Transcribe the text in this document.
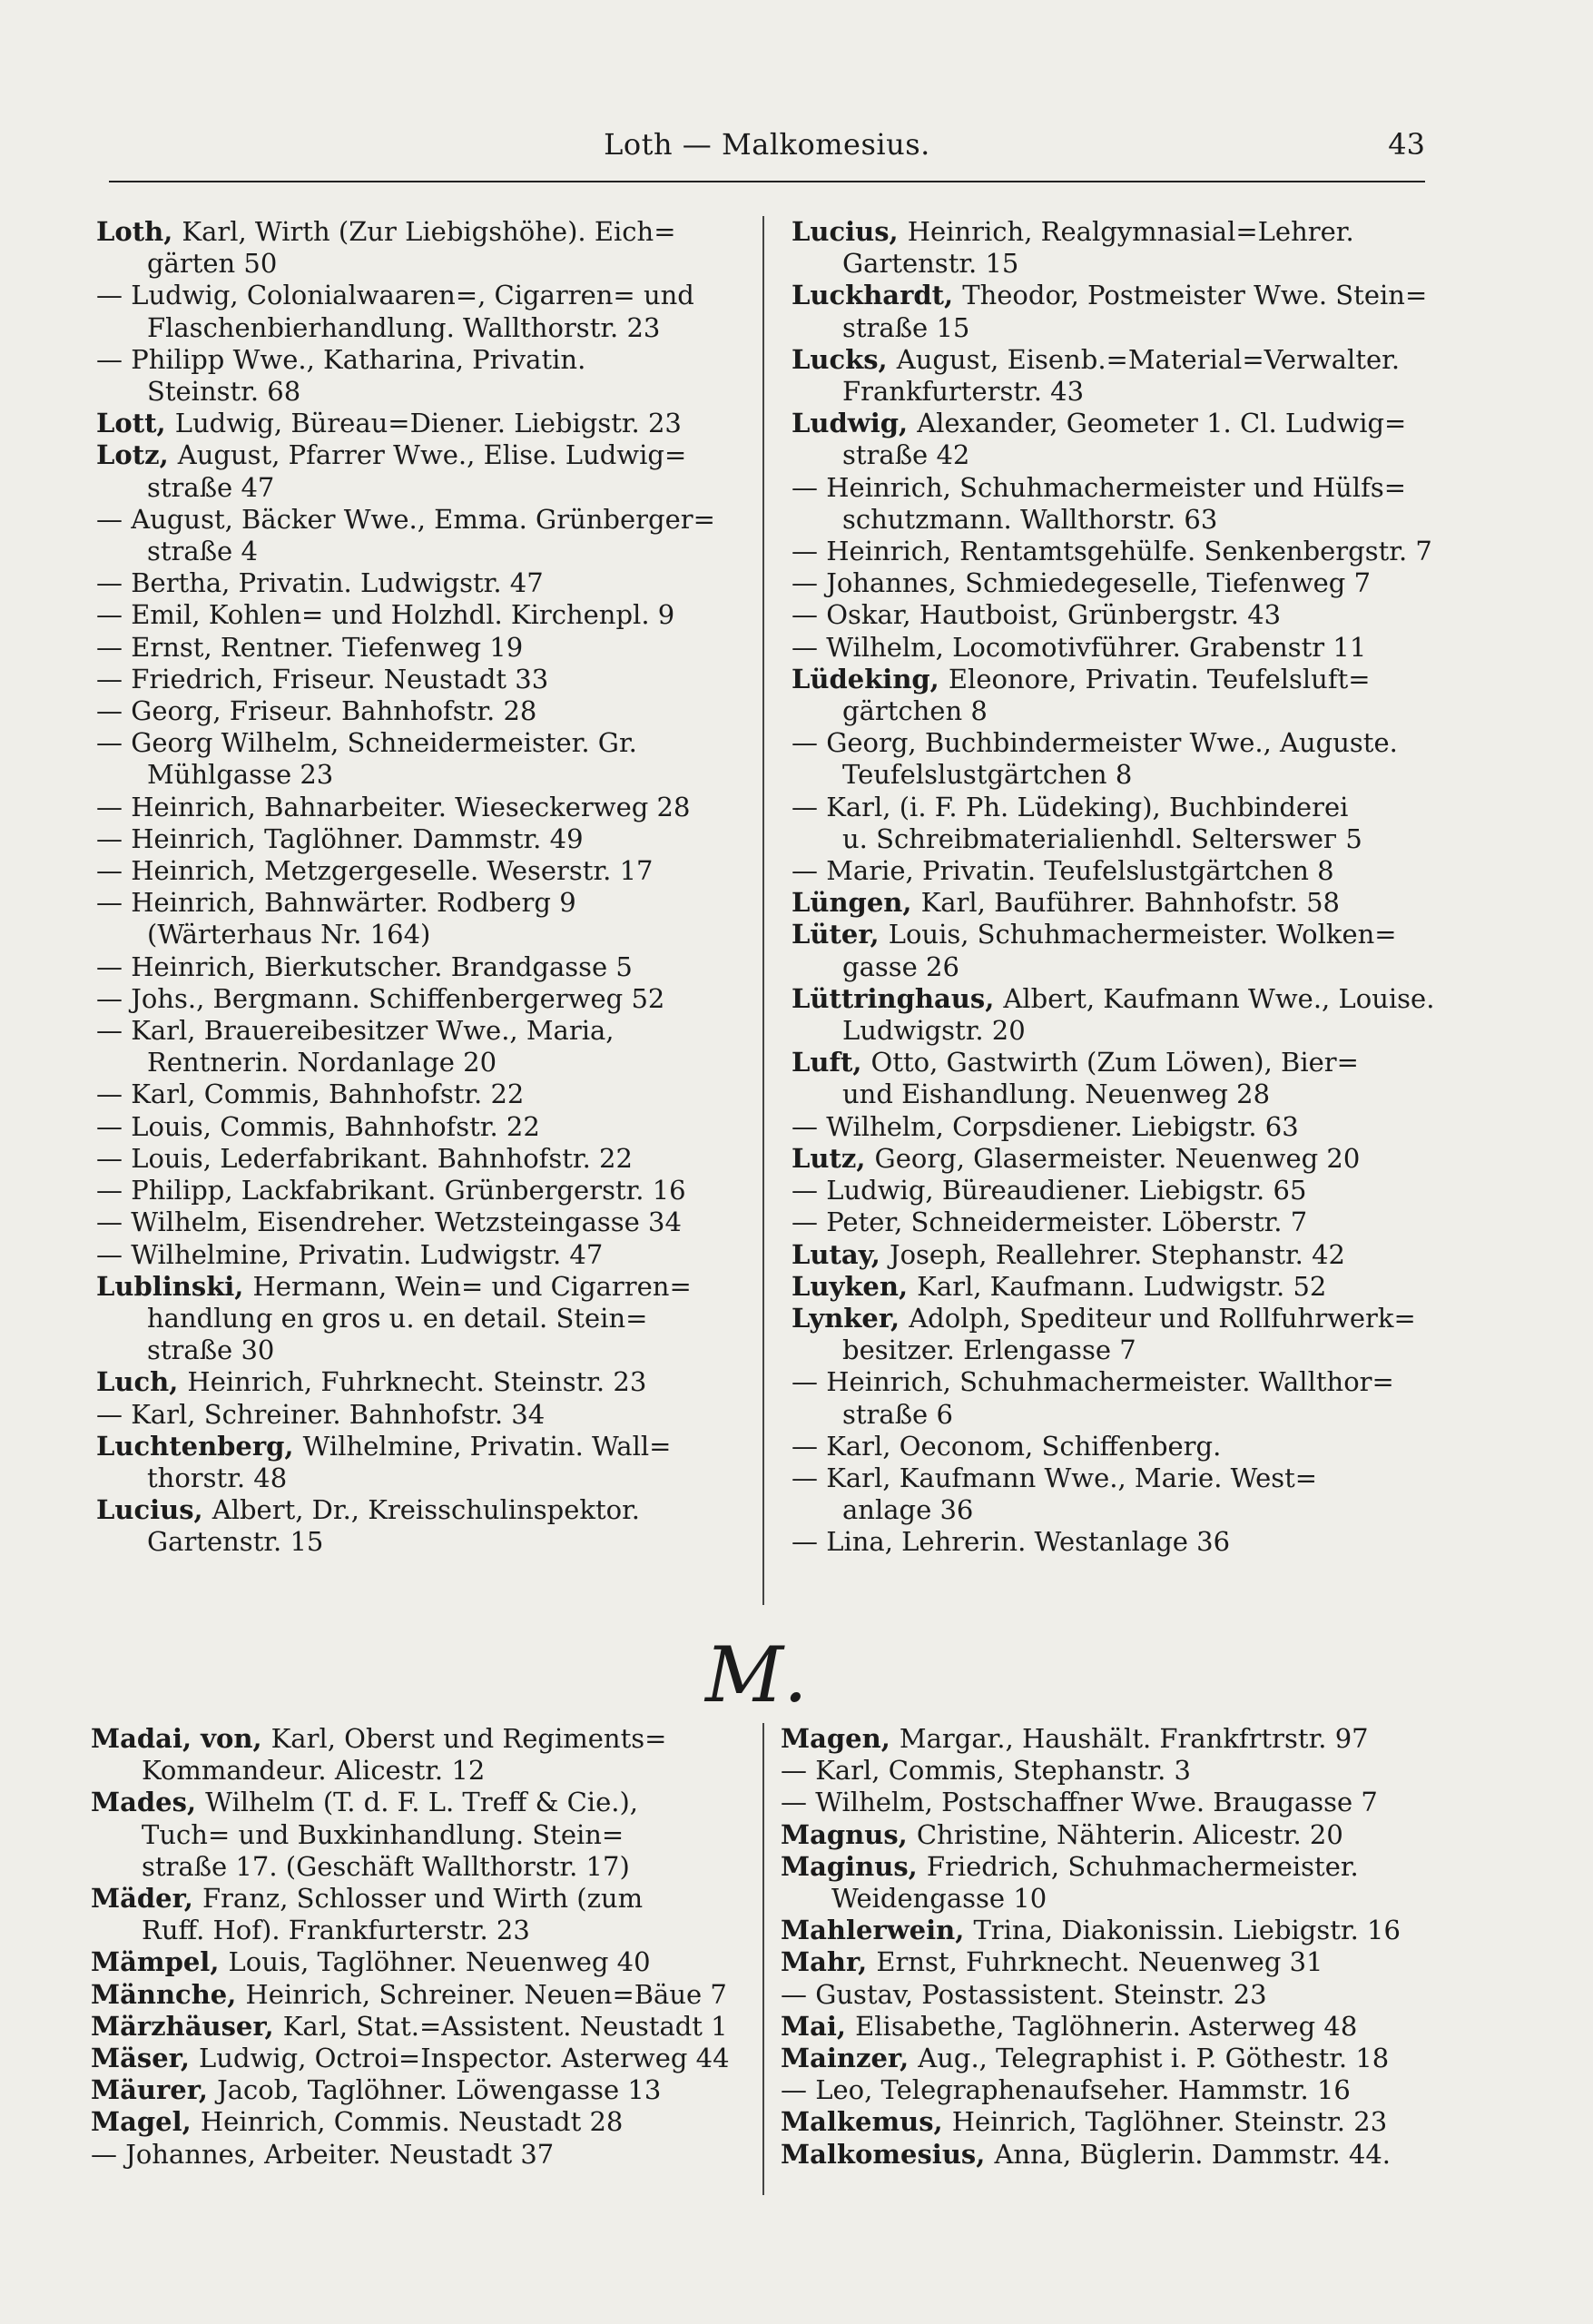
Loth — Malkomesius.	43
Loth, Karl, Wirth (Zur Liebigshöhe). Eich=
gärten 50
— Ludwig, Colonialwaaren=, Cigarren= und
Flaschenbierhandlung. Wallthorstr. 23
— Philipp Wwe., Katharina, Privatin.
Steinstr. 68
Lott, Ludwig, Büreau=Diener. Liebigstr. 23
Lotz, August, Pfarrer Wwe., Elise. Ludwig=
straße 47
— August, Bäcker Wwe., Emma. Grünberger=
straße 4
— Bertha, Privatin. Ludwigstr. 47
— Emil, Kohlen= und Holzhdl. Kirchenpl. 9
— Ernst, Rentner. Tiefenweg 19
— Friedrich, Friseur. Neustadt 33
— Georg, Friseur. Bahnhofstr. 28
— Georg Wilhelm, Schneidermeister. Gr.
Mühlgasse 23
— Heinrich, Bahnarbeiter. Wieseckerweg 28
— Heinrich, Taglöhner. Dammstr. 49
— Heinrich, Metzgergeselle. Weserstr. 17
— Heinrich, Bahnwärter. Rodberg 9
(Wärterhaus Nr. 164)
— Heinrich, Bierkutscher. Brandgasse 5
— Johs., Bergmann. Schiffenbergerweg 52
— Karl, Brauereibesitzer Wwe., Maria,
Rentnerin. Nordanlage 20
— Karl, Commis, Bahnhofstr. 22
— Louis, Commis, Bahnhofstr. 22
— Louis, Lederfabrikant. Bahnhofstr. 22
— Philipp, Lackfabrikant. Grünbergerstr. 16
— Wilhelm, Eisendreher. Wetzsteingasse 34
— Wilhelmine, Privatin. Ludwigstr. 47
Lublinski, Hermann, Wein= und Cigarren=
handlung en gros u. en detail. Stein=
straße 30
Luch, Heinrich, Fuhrknecht. Steinstr. 23
— Karl, Schreiner. Bahnhofstr. 34
Luchtenberg, Wilhelmine, Privatin. Wall=
thorstr. 48
Lucius, Albert, Dr., Kreisschulinspektor.
Gartenstr. 15
Lucius, Heinrich, Realgymnasial=Lehrer.
Gartenstr. 15
Luckhardt, Theodor, Postmeister Wwe. Stein=
straße 15
Lucks, August, Eisenb.=Material=Verwalter.
Frankfurterstr. 43
Ludwig, Alexander, Geometer 1. Cl. Ludwig=
straße 42
— Heinrich, Schuhmachermeister und Hülfs=
schutzmann. Wallthorstr. 63
— Heinrich, Rentamtsgehülfe. Senkenbergstr. 7
— Johannes, Schmiedegeselle, Tiefenweg 7
— Oskar, Hautboist, Grünbergstr. 43
— Wilhelm, Locomotivführer. Grabenstr 11
Lüdeking, Eleonore, Privatin. Teufelsluft=
gärtchen 8
— Georg, Buchbindermeister Wwe., Auguste.
Teufelslustgärtchen 8
— Karl, (i. F. Ph. Lüdeking), Buchbinderei
u. Schreibmaterialienhdl. Selterswег 5
— Marie, Privatin. Teufelslustgärtchen 8
Lüngen, Karl, Bauführer. Bahnhofstr. 58
Lüter, Louis, Schuhmachermeister. Wolken=
gasse 26
Lüttringhaus, Albert, Kaufmann Wwe., Louise.
Ludwigstr. 20
Luft, Otto, Gastwirth (Zum Löwen), Bier=
und Eishandlung. Neuenweg 28
— Wilhelm, Corpsdiener. Liebigstr. 63
Lutz, Georg, Glasermeister. Neuenweg 20
— Ludwig, Büreaudiener. Liebigstr. 65
— Peter, Schneidermeister. Löberstr. 7
Lutay, Joseph, Reallehrer. Stephanstr. 42
Luyken, Karl, Kaufmann. Ludwigstr. 52
Lynker, Adolph, Spediteur und Rollfuhrwerk=
besitzer. Erlengasse 7
— Heinrich, Schuhmachermeister. Wallthor=
straße 6
— Karl, Oeconom, Schiffenberg.
— Karl, Kaufmann Wwe., Marie. West=
anlage 36
— Lina, Lehrerin. Westanlage 36
M.
Madai, von, Karl, Oberst und Regiments=
Kommandeur. Alicestr. 12
Mades, Wilhelm (T. d. F. L. Treff & Cie.),
Tuch= und Buxkinhandlung. Stein=
straße 17. (Geschäft Wallthorstr. 17)
Mäder, Franz, Schlosser und Wirth (zum
Ruff. Hof). Frankfurterstr. 23
Mämpel, Louis, Taglöhner. Neuenweg 40
Männche, Heinrich, Schreiner. Neuen=Bäue 7
Märzhäuser, Karl, Stat.=Assistent. Neustadt 1
Mäser, Ludwig, Octroi=Inspector. Asterweg 44
Mäurer, Jacob, Taglöhner. Löwengasse 13
Magel, Heinrich, Commis. Neustadt 28
— Johannes, Arbeiter. Neustadt 37
Magen, Margar., Haushält. Frankfrtrstr. 97
— Karl, Commis, Stephanstr. 3
— Wilhelm, Postschaffner Wwe. Braugasse 7
Magnus, Christine, Nähterin. Alicestr. 20
Maginus, Friedrich, Schuhmachermeister.
Weidengasse 10
Mahlerwein, Trina, Diakonissin. Liebigstr. 16
Mahr, Ernst, Fuhrknecht. Neuenweg 31
— Gustav, Postassistent. Steinstr. 23
Mai, Elisabethe, Taglöhnerin. Asterweg 48
Mainzer, Aug., Telegraphist i. P. Göthestr. 18
— Leo, Telegraphenaufseher. Hammstr. 16
Malkemus, Heinrich, Taglöhner. Steinstr. 23
Malkomesius, Anna, Büglerin. Dammstr. 44.
